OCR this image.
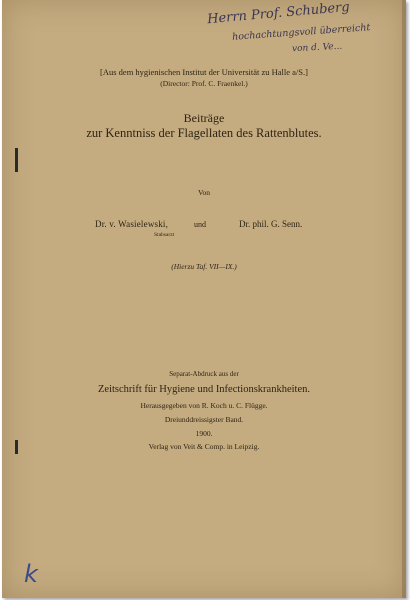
Herrn Prof. Schuberg
hochachtungsvoll überreicht
von d. Ve...
[Aus dem hygienischen Institut der Universität zu Halle a/S.]
(Director: Prof. C. Fraenkel.)
Beiträge
zur Kenntniss der Flagellaten des Rattenblutes.
Von
Dr. v. Wasielewski,
Stabsarzt
und	Dr. phil. G. Senn.
(Hierzu Taf. VII—IX.)
Separat-Abdruck aus der
Zeitschrift für Hygiene und Infectionskrankheiten.
Herausgegeben von R. Koch u. C. Flügge.
Dreiunddreissigster Band.
1900.
Verlag von Veit & Comp. in Leipzig.
k
